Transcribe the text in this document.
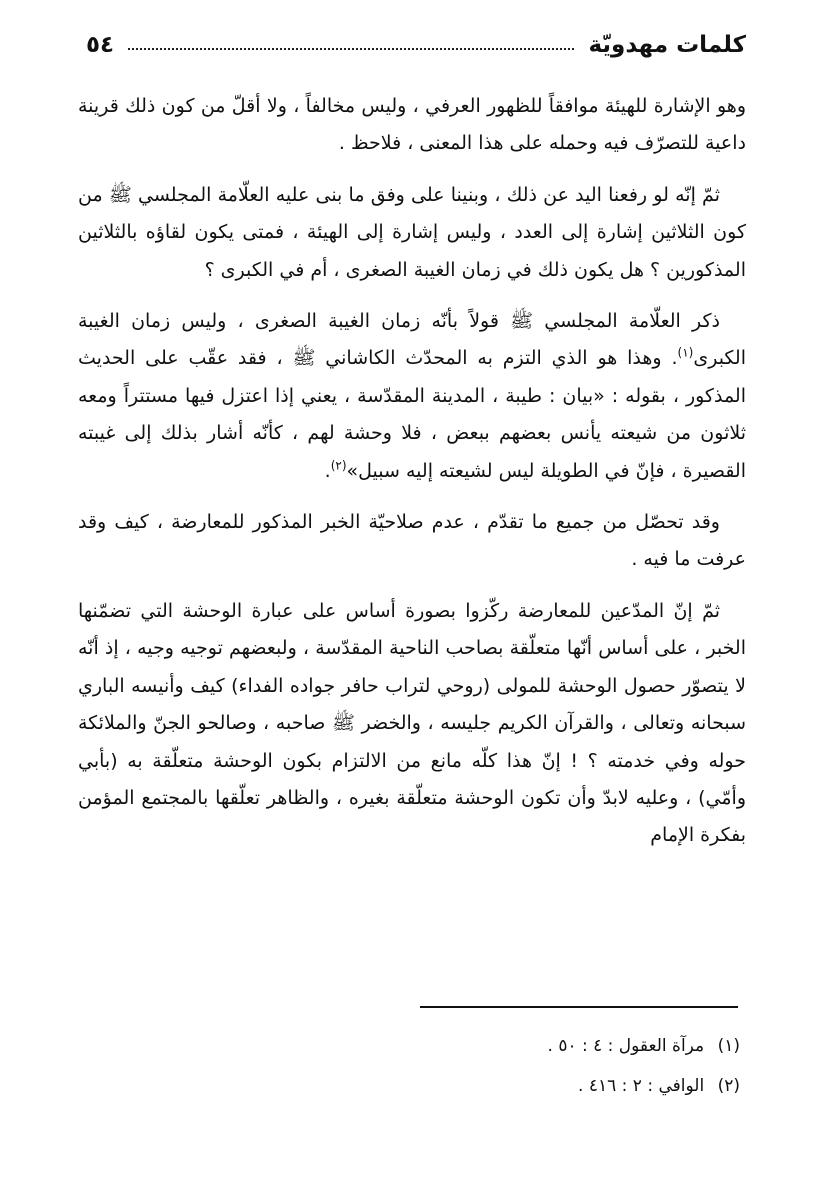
كلمات مهدويّة
٥٤

وهو الإشارة للهيئة موافقاً للظهور العرفي ، وليس مخالفاً ، ولا أقلّ من كون ذلك قرينة داعية للتصرّف فيه وحمله على هذا المعنى ، فلاحظ .

ثمّ إنّه لو رفعنا اليد عن ذلك ، وبنينا على وفق ما بنى عليه العلّامة المجلسي ﷺ من كون الثلاثين إشارة إلى العدد ، وليس إشارة إلى الهيئة ، فمتى يكون لقاؤه بالثلاثين المذكورين ؟ هل يكون ذلك في زمان الغيبة الصغرى ، أم في الكبرى ؟

ذكر العلّامة المجلسي ﷺ قولاً بأنّه زمان الغيبة الصغرى ، وليس زمان الغيبة الكبرى$^{(١)}$. وهذا هو الذي التزم به المحدّث الكاشاني ﷺ ، فقد عقّب على الحديث المذكور ، بقوله : «بيان : طيبة ، المدينة المقدّسة ، يعني إذا اعتزل فيها مستتراً ومعه ثلاثون من شيعته يأنس بعضهم ببعض ، فلا وحشة لهم ، كأنّه أشار بذلك إلى غيبته القصيرة ، فإنّ في الطويلة ليس لشيعته إليه سبيل»$^{(٢)}$.

وقد تحصّل من جميع ما تقدّم ، عدم صلاحيّة الخبر المذكور للمعارضة ، كيف وقد عرفت ما فيه .

ثمّ إنّ المدّعين للمعارضة ركّزوا بصورة أساس على عبارة الوحشة التي تضمّنها الخبر ، على أساس أنّها متعلّقة بصاحب الناحية المقدّسة ، ولبعضهم توجيه وجيه ، إذ أنّه لا يتصوّر حصول الوحشة للمولى (روحي لتراب حافر جواده الفداء) كيف وأنيسه الباري سبحانه وتعالى ، والقرآن الكريم جليسه ، والخضر ﷺ صاحبه ، وصالحو الجنّ والملائكة حوله وفي خدمته ؟ ! إنّ هذا كلّه مانع من الالتزام بكون الوحشة متعلّقة به (بأبي وأمّي) ، وعليه لابدّ وأن تكون الوحشة متعلّقة بغيره ، والظاهر تعلّقها بالمجتمع المؤمن بفكرة الإمام

(١) مرآة العقول : ٤ : ٥٠ .
(٢) الوافي : ٢ : ٤١٦ .
